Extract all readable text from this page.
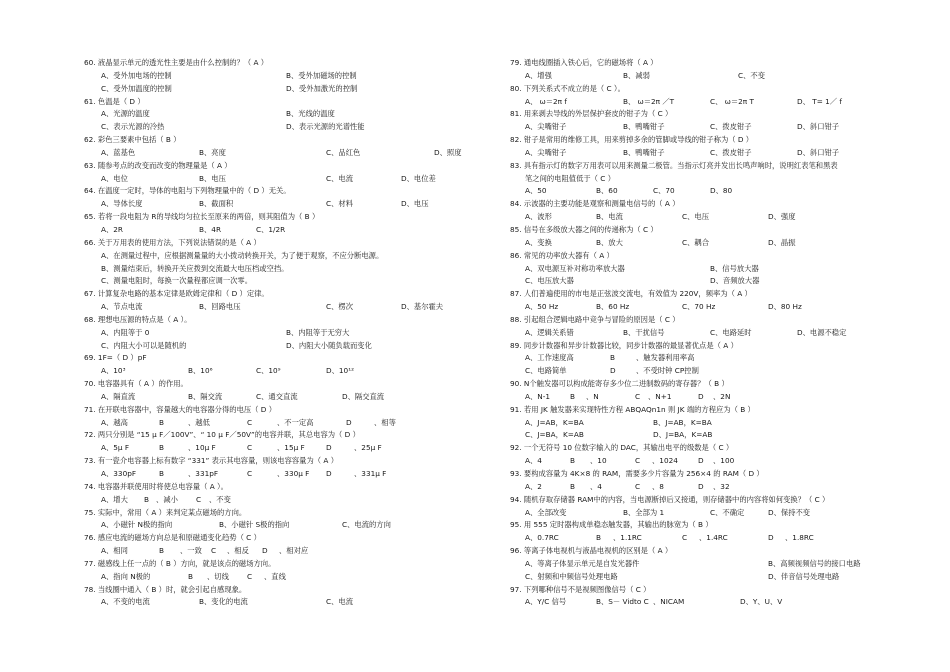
60. 液晶显示单元的透光性主要是由什么控制的？（ A ）
A、受外加电场的控制	B、受外加磁场的控制
C、受外加温度的控制	D、受外加激光的控制
61. 色温是（ D ）
A、光源的温度	B、光线的温度
C、表示光源的冷热	D、表示光源的光谱性能
62. 彩色三要素中包括（ B ）
A、蓝基色	B、亮度	C、品红色	D、照度
63. 随参考点的改变而改变的物理量是（ A ）
A、电位	B、电压	C、电流	D、电位差
64. 在温度一定时，导体的电阻与下列物理量中的（ D ）无关。
A、导体长度	B、截面积	C、材料	D、电压
65. 若将一段电阻为 R的导线均匀拉长至原来的两倍，则其阻值为（ B ）
A、2R	B、4R	C、1/2R
66. 关于万用表的使用方法，下列说法错误的是（ A ）
A、在测量过程中，应根据测量量的大小拨动转换开关，为了便于观察，不应分断电源。
B、测量结束后，转换开关应拨到交流最大电压档或空挡。
C、测量电阻时，每换一次量程都应调一次零。
67. 计算复杂电路的基本定律是欧姆定律和（ D ）定律。
A、节点电流	B、回路电压	C、楞次	D、基尔霍夫
68. 理想电压源的特点是（ A ）。
A、内阻等于 0	B、内阻等于无穷大
C、内阻大小可以是随机的	D、内阻大小随负载而变化
69. 1F=（ D ）pF
A、10³	B、10⁶	C、10⁹	D、10¹²
70. 电容器具有（ A ）的作用。
A、隔直流	B、隔交流	C、通交直流	D、隔交直流
71. 在开联电容器中，容量越大的电容器分得的电压（ D ）
A、越高	B	、越低	C	、不一定高	D	、相等
72. 两只分别是 “15 μ F／100V”、“ 10 μ F／50V”的电容并联，其总电容为（ D ）
A、5μ F	B	、10μ F	C	、15μ F	D	、25μ F
73. 有一瓷介电容器上标有数字 “331” 表示其电容量，则该电容容量为（ A ）
A、330pF	B	、331pF	C	、330μ F D	、331μ F
74. 电容器并联使用时将使总电容量（ A ）。
A、增大 B 、减小 C 、不变
75. 实际中，常用（ A ）来判定某点磁场的方向。
A、小磁针 N极的指向	B、小磁针 S极的指向	C、电流的方向
76. 感应电流的磁场方向总是和原磁通变化趋势（ C ）
A、相同	B 、一致 C 、相反 D 、相对应
77. 磁感线上任一点的（ B ）方向，就是该点的磁场方向。
A、指向 N极的	B 、切线 C 、直线
78. 当线圈中通入（ B ）时，就会引起自感现象。
A、不变的电流	B、变化的电流	C、电流
79. 通电线圈插入铁心后，它的磁场将（ A ）
A、增强	B、减弱	C、不变
80. 下列关系式不成立的是（ C ）。
A、 ω＝2π f	B、 ω＝2π ／T	C、 ω＝2π T	D、 T= 1／ f
81. 用来剥去导线的外层保护套皮的钳子为（ C ）
A、尖嘴钳子	B、鸭嘴钳子	C、拨皮钳子	D、斜口钳子
82. 钳子是常用的维修工具，用来剪掉多余的管脚或导线的钳子称为（ D ）
A、尖嘴钳子	B、鸭嘴钳子	C、拨皮钳子	D、斜口钳子
83. 具有指示灯的数字万用表可以用来测量二极管。当指示灯亮并发出长鸣声响时，说明红表笔和黑表
笔之间的电阻值低于（ C ）
A、50	B、60	C、70	D、80
84. 示波器的主要功能是观察和测量电信号的（ A ）
A、波形	B、电流	C、电压	D、强度
85. 信号在多级放大器之间的传递称为（ C ）
A、变换	B、放大	C、耦合	D、晶振
86. 常见的功率放大器有（ A ）
A、双电源互补对称功率放大器	B、信号放大器
C、电压放大器	D、音频放大器
87. 人们普遍使用的市电是正弦波交流电，有效值为 220V，频率为（ A ）
A、50 Hz	B、60 Hz	C、70 Hz	D、80 Hz
88. 引起组合逻辑电路中竞争与冒险的原因是（ C ）
A、逻辑关系错	B、干扰信号	C、电路延时	D、电源不稳定
89. 同步计数器和异步计数器比较，同步计数器的最显著优点是（ A ）
A、工作速度高	B	、触发器利用率高
C、电路简单	D	、不受时钟 CP控制
90. N个触发器可以构成能寄存多少位二进制数码的寄存器？（ B ）
A、N-1	B 、N	C 、N+1	D 、2N
91. 若用 JK 触发器来实现特性方程 ABQAQn1n 则 JK 端的方程应为（ B ）
A、J=AB，K=BA	B、J=AB，K=BA
C、J=BA，K=AB	D、J=BA，K=AB
92. 一个无符号 10 位数字输入的 DAC，其输出电平的级数是（ C ）
A、4	B 、10	C 、1024	D 、100
93. 要构成容量为 4K×8 的 RAM，需要多少片容量为 256×4 的 RAM（ D ）
A、2	B 、4	C 、8	D 、32
94. 随机存取存储器 RAM中的内容，当电源断掉后又接通，则存储器中的内容将如何变换？（ C ）
A、全部改变	B、全部为 1	C、不确定	D、保持不变
95. 用 555 定时器构成单稳态触发器，其输出的脉宽为（ B ）
A、0.7RC	B 、1.1RC	C 、1.4RC	D 、1.8RC
96. 等离子体电视机与液晶电视机的区别是（ A ）
A、等离子体显示单元是自发光器件	B、高频视频信号的接口电路
C、射频和中频信号处理电路	D、伴音信号处理电路
97. 下列哪种信号不是视频图像信号（ C ）
A、Y/C 信号	B、S－ Vidto C 、NICAM	D、Y、U、V
